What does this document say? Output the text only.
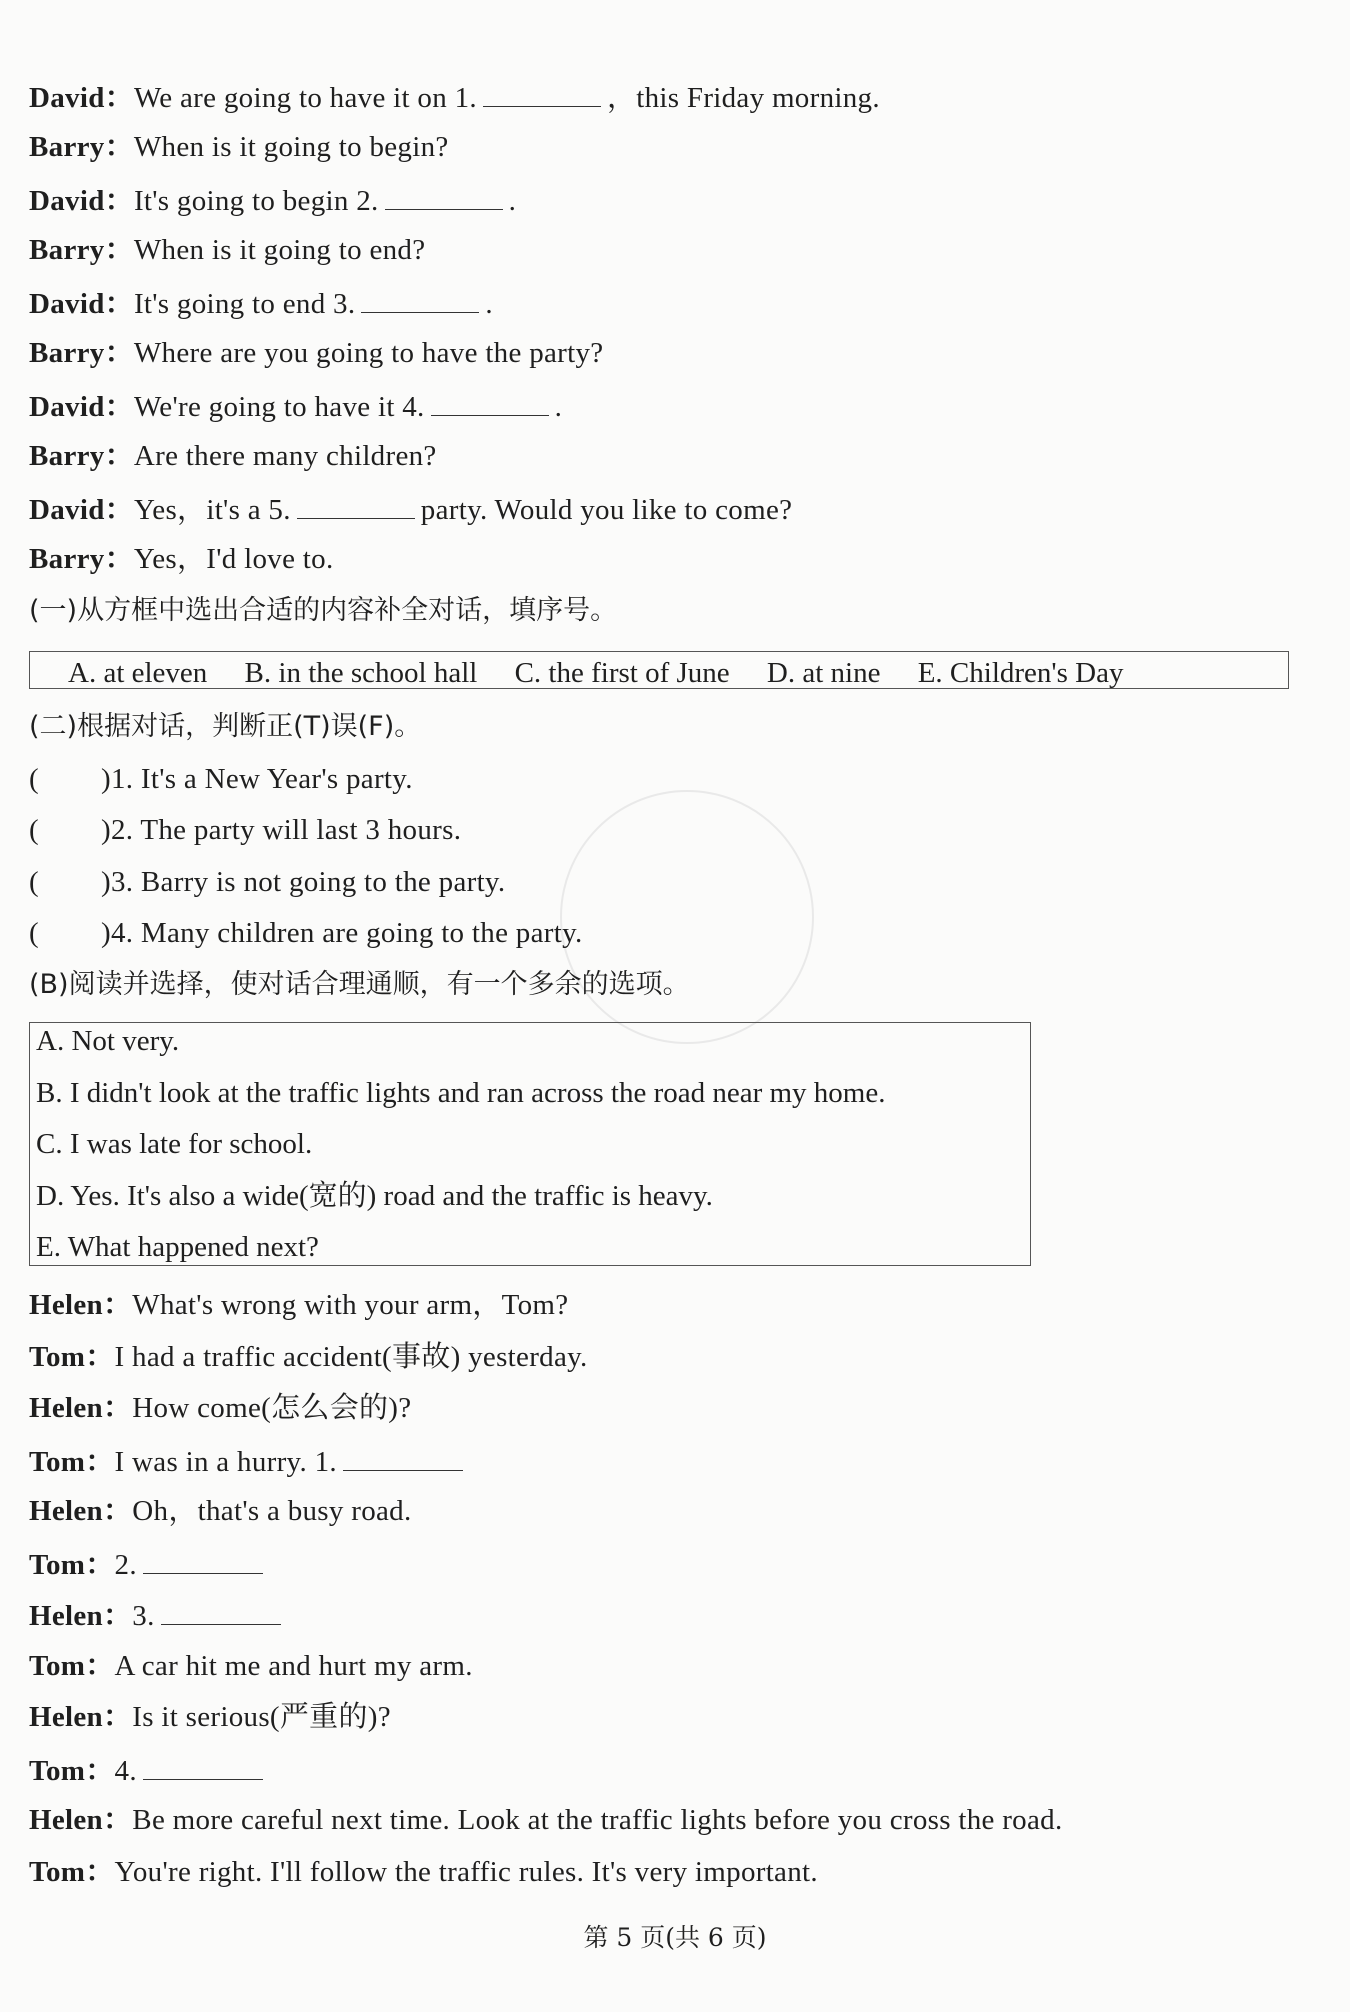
David：We are going to have it on 1.	，this Friday morning.
Barry：When is it going to begin?
David：It's going to begin 2.	.
Barry：When is it going to end?
David：It's going to end 3.	.
Barry：Where are you going to have the party?
David：We're going to have it 4.	.
Barry：Are there many children?
David：Yes，it's a 5.	party. Would you like to come?
Barry：Yes，I'd love to.
(一)从方框中选出合适的内容补全对话，填序号。
A. at eleven B. in the school hall C. the first of June D. at nine E. Children's Day
(二)根据对话，判断正(T)误(F)。
( )1. It's a New Year's party.
( )2. The party will last 3 hours.
( )3. Barry is not going to the party.
( )4. Many children are going to the party.
(B)阅读并选择，使对话合理通顺，有一个多余的选项。
A. Not very.
B. I didn't look at the traffic lights and ran across the road near my home.
C. I was late for school.
D. Yes. It's also a wide(宽的) road and the traffic is heavy.
E. What happened next?
Helen：What's wrong with your arm，Tom?
Tom：I had a traffic accident(事故) yesterday.
Helen：How come(怎么会的)?
Tom：I was in a hurry. 1.
Helen：Oh，that's a busy road.
Tom：2.
Helen：3.
Tom：A car hit me and hurt my arm.
Helen：Is it serious(严重的)?
Tom：4.
Helen：Be more careful next time. Look at the traffic lights before you cross the road.
Tom：You're right. I'll follow the traffic rules. It's very important.
第 5 页(共 6 页)
